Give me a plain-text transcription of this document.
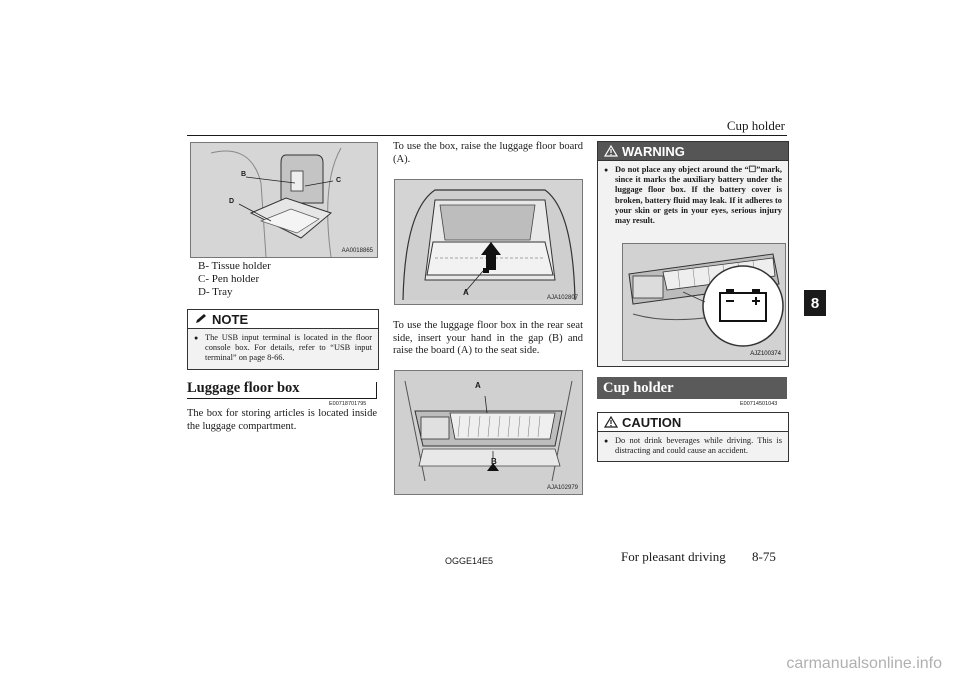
Cup holder
8
B
C
D
AA0018865
B- Tissue holder
C- Pen holder
D- Tray
NOTE
● The USB input terminal is located in the floor console box. For details, refer to “USB input terminal” on page 8-66.
Luggage floor box
E00718701795
The box for storing articles is located inside the luggage compartment.
To use the box, raise the luggage floor board (A).
A
AJA102807
To use the luggage floor box in the rear seat side, insert your hand in the gap (B) and raise the board (A) to the seat side.
A
B
AJA102979
WARNING
● Do not place any object around the “☐”mark, since it marks the auxiliary battery under the luggage floor box. If the battery cover is broken, battery fluid may leak. If it adheres to your skin or gets in your eyes, serious injury may result.
AJZ100374
Cup holder
E00714501043
CAUTION
● Do not drink beverages while driving. This is distracting and could cause an accident.
OGGE14E5	For pleasant driving 8-75
carmanualsonline.info
